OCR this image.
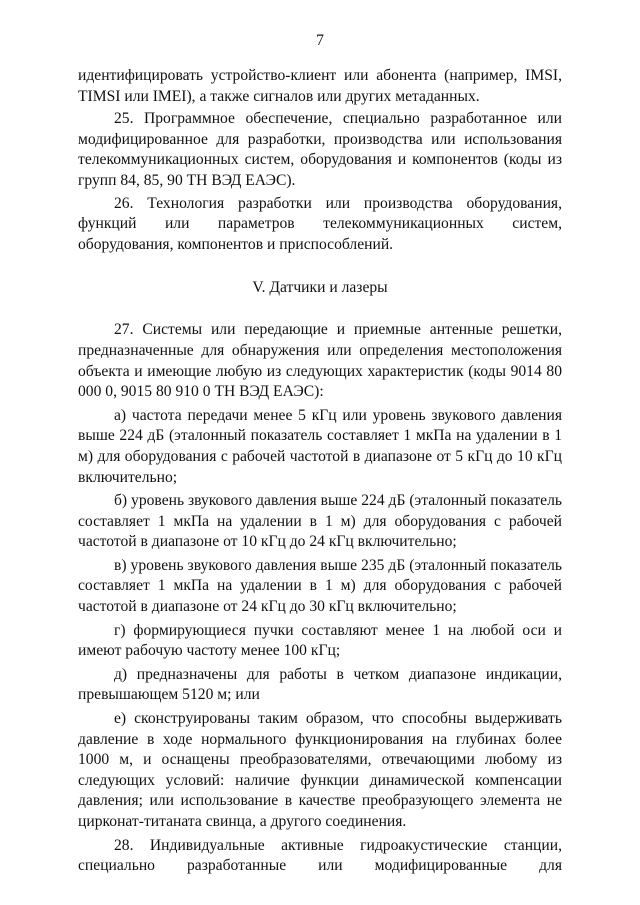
7

идентифицировать устройство-клиент или абонента (например, IMSI, TIMSI или IMEI), а также сигналов или других метаданных.

25. Программное обеспечение, специально разработанное или модифицированное для разработки, производства или использования телекоммуникационных систем, оборудования и компонентов (коды из групп 84, 85, 90 ТН ВЭД ЕАЭС).

26. Технология разработки или производства оборудования, функций или параметров телекоммуникационных систем, оборудования, компонентов и приспособлений.

V. Датчики и лазеры

27. Системы или передающие и приемные антенные решетки, предназначенные для обнаружения или определения местоположения объекта и имеющие любую из следующих характеристик (коды 9014 80 000 0, 9015 80 910 0 ТН ВЭД ЕАЭС):

а) частота передачи менее 5 кГц или уровень звукового давления выше 224 дБ (эталонный показатель составляет 1 мкПа на удалении в 1 м) для оборудования с рабочей частотой в диапазоне от 5 кГц до 10 кГц включительно;

б) уровень звукового давления выше 224 дБ (эталонный показатель составляет 1 мкПа на удалении в 1 м) для оборудования с рабочей частотой в диапазоне от 10 кГц до 24 кГц включительно;

в) уровень звукового давления выше 235 дБ (эталонный показатель составляет 1 мкПа на удалении в 1 м) для оборудования с рабочей частотой в диапазоне от 24 кГц до 30 кГц включительно;

г) формирующиеся пучки составляют менее 1 на любой оси и имеют рабочую частоту менее 100 кГц;

д) предназначены для работы в четком диапазоне индикации, превышающем 5120 м; или

е) сконструированы таким образом, что способны выдерживать давление в ходе нормального функционирования на глубинах более 1000 м, и оснащены преобразователями, отвечающими любому из следующих условий: наличие функции динамической компенсации давления; или использование в качестве преобразующего элемента не цирконат-титаната свинца, а другого соединения.

28. Индивидуальные активные гидроакустические станции, специально разработанные или модифицированные для
